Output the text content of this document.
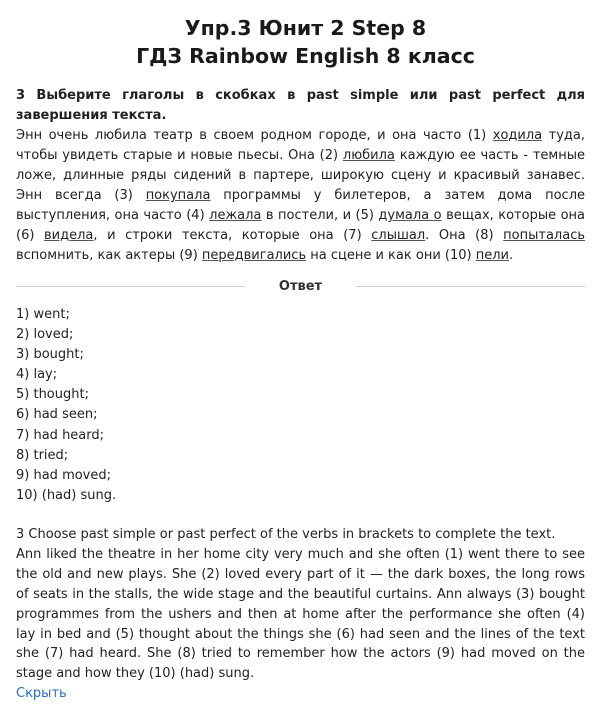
Упр.3 Юнит 2 Step 8
ГДЗ Rainbow English 8 класс
3 Выберите глаголы в скобках в past simple или past perfect для завершения текста.
Энн очень любила театр в своем родном городе, и она часто (1) ходила туда, чтобы увидеть старые и новые пьесы. Она (2) любила каждую ее часть - темные ложе, длинные ряды сидений в партере, широкую сцену и красивый занавес. Энн всегда (3) покупала программы у билетеров, а затем дома после выступления, она часто (4) лежала в постели, и (5) думала о вещах, которые она (6) видела, и строки текста, которые она (7) слышал. Она (8) попыталась вспомнить, как актеры (9) передвигались на сцене и как они (10) пели.
Ответ
1) went;
2) loved;
3) bought;
4) lay;
5) thought;
6) had seen;
7) had heard;
8) tried;
9) had moved;
10) (had) sung.
3 Choose past simple or past perfect of the verbs in brackets to complete the text.
Ann liked the theatre in her home city very much and she often (1) went there to see the old and new plays. She (2) loved every part of it — the dark boxes, the long rows of seats in the stalls, the wide stage and the beautiful curtains. Ann always (3) bought programmes from the ushers and then at home after the performance she often (4) lay in bed and (5) thought about the things she (6) had seen and the lines of the text she (7) had heard. She (8) tried to remember how the actors (9) had moved on the stage and how they (10) (had) sung.
Скрыть
